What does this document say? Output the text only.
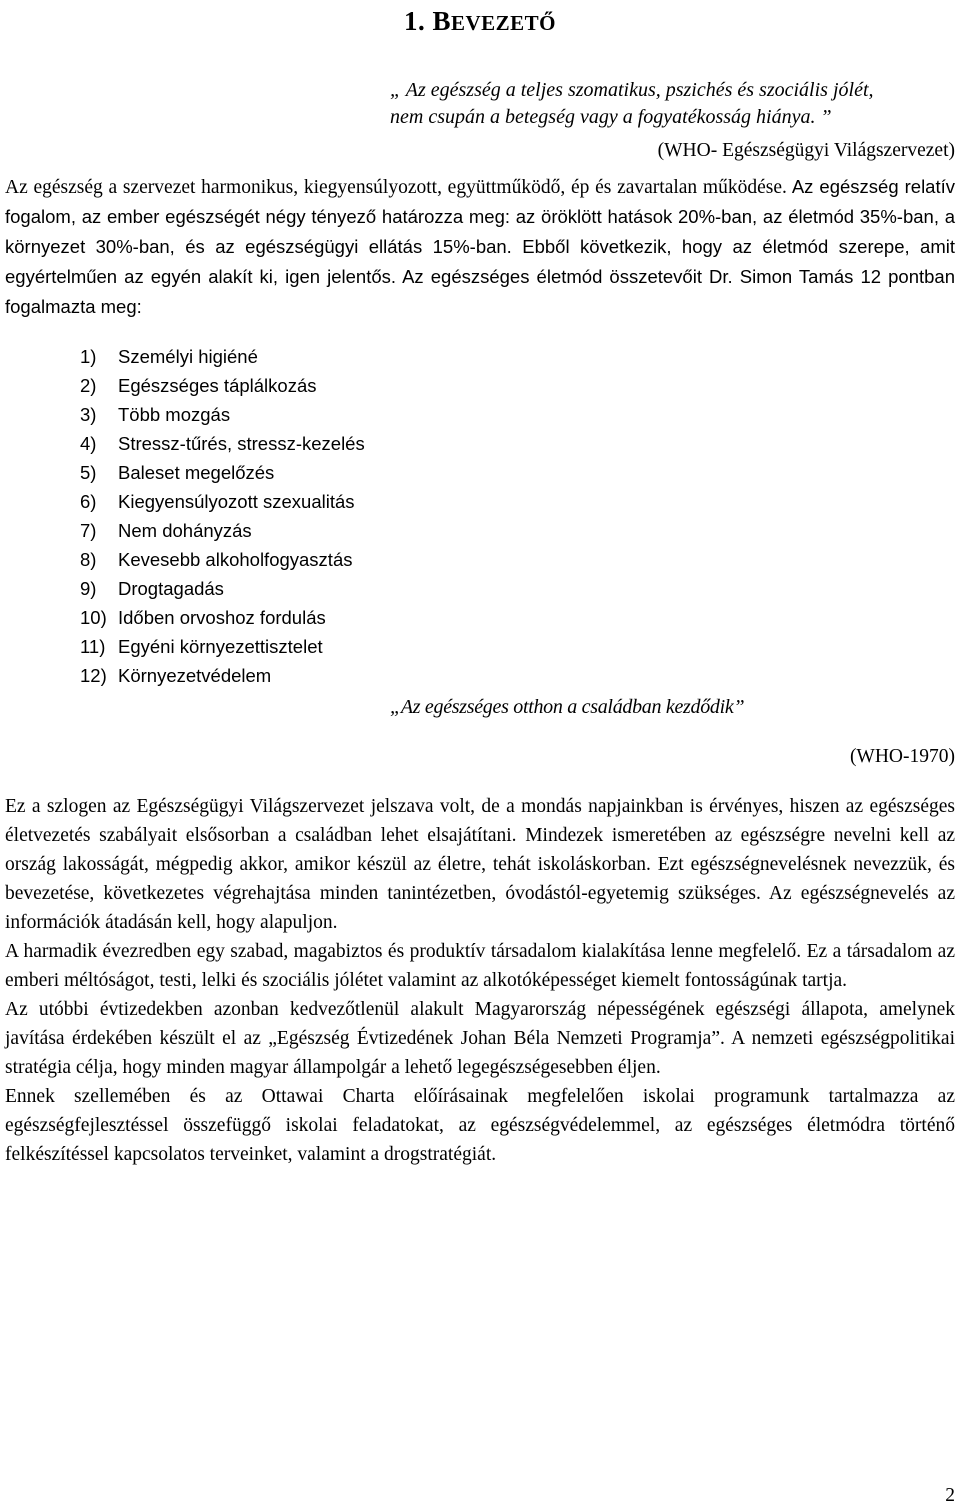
1. BEVEZETŐ
„ Az egészség a teljes szomatikus, pszichés és szociális jólét,
nem csupán a betegség vagy a fogyatékosság hiánya. ”
(WHO- Egészségügyi Világszervezet)

Az egészség a szervezet harmonikus, kiegyensúlyozott, együttműködő, ép és zavartalan működése. Az egészség relatív fogalom, az ember egészségét négy tényező határozza meg: az öröklött hatások 20%-ban, az életmód 35%-ban, a környezet 30%-ban, és az egészségügyi ellátás 15%-ban. Ebből következik, hogy az életmód szerepe, amit egyértelműen az egyén alakít ki, igen jelentős. Az egészséges életmód összetevőit Dr. Simon Tamás 12 pontban fogalmazta meg:

1)	Személyi higiéné
2)	Egészséges táplálkozás
3)	Több mozgás
4)	Stressz-tűrés, stressz-kezelés
5)	Baleset megelőzés
6)	Kiegyensúlyozott szexualitás
7)	Nem dohányzás
8)	Kevesebb alkoholfogyasztás
9)	Drogtagadás
10) Időben orvoshoz fordulás
11) Egyéni környezettisztelet
12) Környezetvédelem
„Az egészséges otthon a családban kezdődik”
(WHO-1970)

Ez a szlogen az Egészségügyi Világszervezet jelszava volt, de a mondás napjainkban is érvényes, hiszen az egészséges életvezetés szabályait elsősorban a családban lehet elsajátítani. Mindezek ismeretében az egészségre nevelni kell az ország lakosságát, mégpedig akkor, amikor készül az életre, tehát iskoláskorban. Ezt egészségnevelésnek nevezzük, és bevezetése, következetes végrehajtása minden tanintézetben, óvodástól-egyetemig szükséges. Az egészségnevelés az információk átadásán kell, hogy alapuljon.

A harmadik évezredben egy szabad, magabiztos és produktív társadalom kialakítása lenne megfelelő. Ez a társadalom az emberi méltóságot, testi, lelki és szociális jólétet valamint az alkotóképességet kiemelt fontosságúnak tartja.

Az utóbbi évtizedekben azonban kedvezőtlenül alakult Magyarország népességének egészségi állapota, amelynek javítása érdekében készült el az „Egészség Évtizedének Johan Béla Nemzeti Programja”. A nemzeti egészségpolitikai stratégia célja, hogy minden magyar állampolgár a lehető legegészségesebben éljen.

Ennek szellemében és az Ottawai Charta előírásainak megfelelően iskolai programunk tartalmazza az egészségfejlesztéssel összefüggő iskolai feladatokat, az egészségvédelemmel, az egészséges életmódra történő felkészítéssel kapcsolatos terveinket, valamint a drogstratégiát.

2
